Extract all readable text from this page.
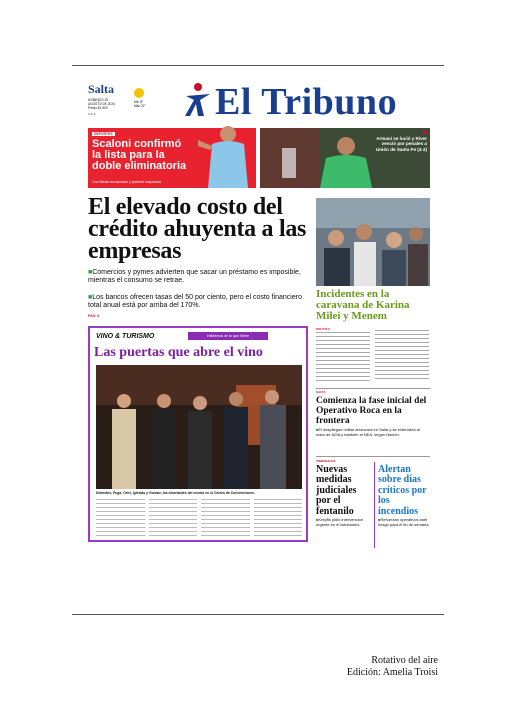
Salta
DOMINGO 25
AGOSTO DE 2024
Precio $1.900
● ● ●
Mín 8°
Máx 22° El Tribuno
DEPORTES
Scaloni confirmó la lista para la doble eliminatoria
Con Messi recuperado y jóvenes sorpresas
Armani se lució y River venció por penales a Unión de Santa Fe (4-3)
El elevado costo del crédito ahuyenta a las empresas
■Comercios y pymes advierten que sacar un préstamo es imposible, mientras el consumo se retrae.
■Los bancos ofrecen tasas del 50 por ciento, pero el costo financiero total anual está por arriba del 170%.
PÁG. 6
Incidentes en la caravana de Karina Milei y Menem
POLÍTICA
VINO & TURISMO	Hablemos de lo que Viene
Las puertas que abre el vino
Debesbis, Puga, Oriel, Iglesias y Gorraiz, los disertantes del evento en el Centro de Convenciones.
SALTA
Comienza la fase inicial del Operativo Roca en la frontera
■El despliegue militar arrancará en Salta y se extenderá al resto de NOA y también al NEA, según Nación.
TRIBUNALES
Nuevas medidas judiciales por el fentanilo
■Krepfik pidió intervención urgente en el laboratorio.
Alertan sobre días críticos por los incendios
■Refuerzan operativos ante riesgo para el fin de semana.
Rotativo del aire
Edición: Amelia Troisi
